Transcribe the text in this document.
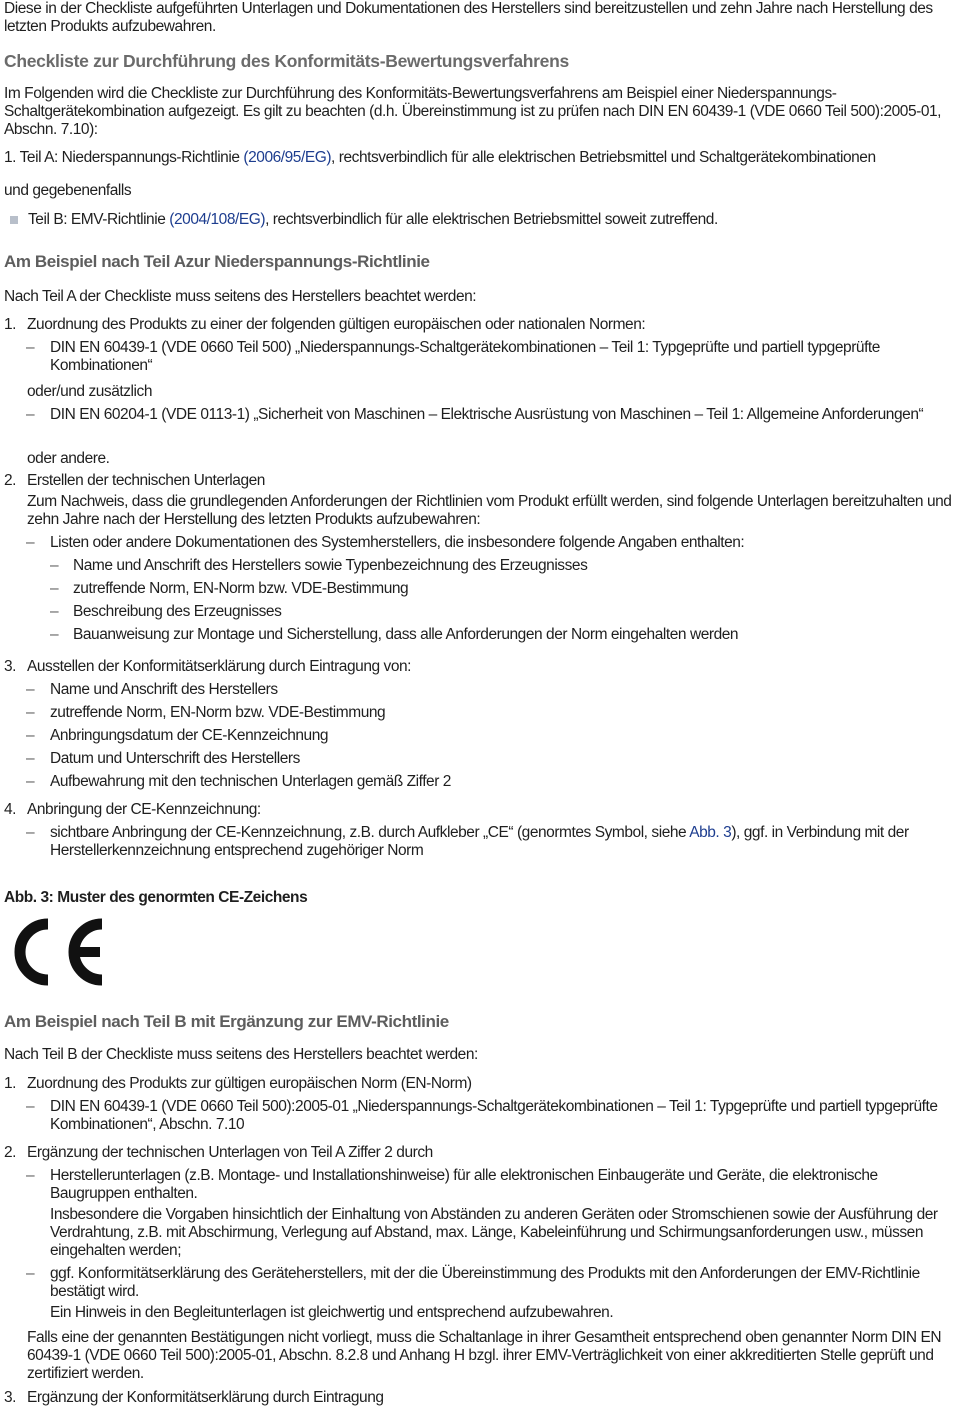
Diese in der Checkliste aufgeführten Unterlagen und Dokumentationen des Herstellers sind bereitzustellen und zehn Jahre nach Herstellung des letzten Produkts aufzubewahren.
Checkliste zur Durchführung des Konformitäts-Bewertungsverfahrens
Im Folgenden wird die Checkliste zur Durchführung des Konformitäts-Bewertungsverfahrens am Beispiel einer Niederspannungs-Schaltgerätekombination aufgezeigt. Es gilt zu beachten (d.h. Übereinstimmung ist zu prüfen nach DIN EN 60439-1 (VDE 0660 Teil 500):2005-01, Abschn. 7.10):
1. Teil A: Niederspannungs-Richtlinie (2006/95/EG), rechtsverbindlich für alle elektrischen Betriebsmittel und Schaltgerätekombinationen
und gegebenenfalls
Teil B: EMV-Richtlinie (2004/108/EG), rechtsverbindlich für alle elektrischen Betriebsmittel soweit zutreffend.
Am Beispiel nach Teil Azur Niederspannungs-Richtlinie
Nach Teil A der Checkliste muss seitens des Herstellers beachtet werden:
1. Zuordnung des Produkts zu einer der folgenden gültigen europäischen oder nationalen Normen:
– DIN EN 60439-1 (VDE 0660 Teil 500) „Niederspannungs-Schaltgerätekombinationen – Teil 1: Typgeprüfte und partiell typgeprüfte Kombinationen“
oder/und zusätzlich
– DIN EN 60204-1 (VDE 0113-1) „Sicherheit von Maschinen – Elektrische Ausrüstung von Maschinen – Teil 1: Allgemeine Anforderungen“
oder andere.
2. Erstellen der technischen Unterlagen
Zum Nachweis, dass die grundlegenden Anforderungen der Richtlinien vom Produkt erfüllt werden, sind folgende Unterlagen bereitzuhalten und zehn Jahre nach der Herstellung des letzten Produkts aufzubewahren:
– Listen oder andere Dokumentationen des Systemherstellers, die insbesondere folgende Angaben enthalten:
– Name und Anschrift des Herstellers sowie Typenbezeichnung des Erzeugnisses
– zutreffende Norm, EN-Norm bzw. VDE-Bestimmung
– Beschreibung des Erzeugnisses
– Bauanweisung zur Montage und Sicherstellung, dass alle Anforderungen der Norm eingehalten werden
3. Ausstellen der Konformitätserklärung durch Eintragung von:
– Name und Anschrift des Herstellers
– zutreffende Norm, EN-Norm bzw. VDE-Bestimmung
– Anbringungsdatum der CE-Kennzeichnung
– Datum und Unterschrift des Herstellers
– Aufbewahrung mit den technischen Unterlagen gemäß Ziffer 2
4. Anbringung der CE-Kennzeichnung:
– sichtbare Anbringung der CE-Kennzeichnung, z.B. durch Aufkleber „CE“ (genormtes Symbol, siehe Abb. 3), ggf. in Verbindung mit der Herstellerkennzeichnung entsprechend zugehöriger Norm
Abb. 3: Muster des genormten CE-Zeichens
Am Beispiel nach Teil B mit Ergänzung zur EMV-Richtlinie
Nach Teil B der Checkliste muss seitens des Herstellers beachtet werden:
1. Zuordnung des Produkts zur gültigen europäischen Norm (EN-Norm)
– DIN EN 60439-1 (VDE 0660 Teil 500):2005-01 „Niederspannungs-Schaltgerätekombinationen – Teil 1: Typgeprüfte und partiell typgeprüfte Kombinationen“, Abschn. 7.10
2. Ergänzung der technischen Unterlagen von Teil A Ziffer 2 durch
– Herstellerunterlagen (z.B. Montage- und Installationshinweise) für alle elektronischen Einbaugeräte und Geräte, die elektronische Baugruppen enthalten.
Insbesondere die Vorgaben hinsichtlich der Einhaltung von Abständen zu anderen Geräten oder Stromschienen sowie der Ausführung der Verdrahtung, z.B. mit Abschirmung, Verlegung auf Abstand, max. Länge, Kabeleinführung und Schirmungsanforderungen usw., müssen eingehalten werden;
– ggf. Konformitätserklärung des Geräteherstellers, mit der die Übereinstimmung des Produkts mit den Anforderungen der EMV-Richtlinie bestätigt wird.
Ein Hinweis in den Begleitunterlagen ist gleichwertig und entsprechend aufzubewahren.
Falls eine der genannten Bestätigungen nicht vorliegt, muss die Schaltanlage in ihrer Gesamtheit entsprechend oben genannter Norm DIN EN 60439-1 (VDE 0660 Teil 500):2005-01, Abschn. 8.2.8 und Anhang H bzgl. ihrer EMV-Verträglichkeit von einer akkreditierten Stelle geprüft und zertifiziert werden.
3. Ergänzung der Konformitätserklärung durch Eintragung
